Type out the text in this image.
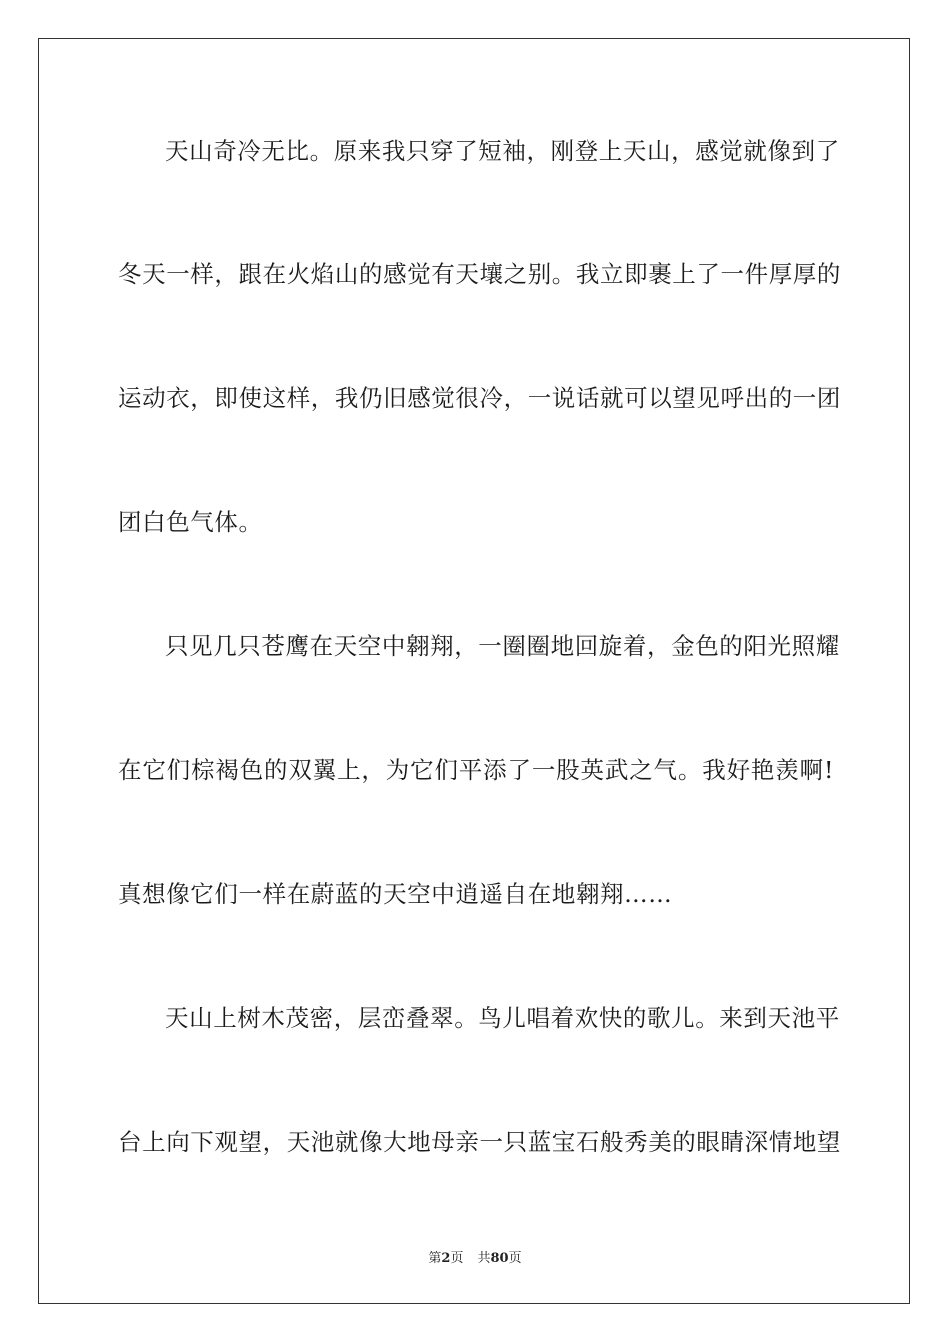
天山奇冷无比。原来我只穿了短袖，刚登上天山，感觉就像到了
冬天一样，跟在火焰山的感觉有天壤之别。我立即裹上了一件厚厚的
运动衣，即使这样，我仍旧感觉很冷，一说话就可以望见呼出的一团
团白色气体。
只见几只苍鹰在天空中翱翔，一圈圈地回旋着，金色的阳光照耀
在它们棕褐色的双翼上，为它们平添了一股英武之气。我好艳羡啊!
真想像它们一样在蔚蓝的天空中逍遥自在地翱翔……
天山上树木茂密，层峦叠翠。鸟儿唱着欢快的歌儿。来到天池平
台上向下观望，天池就像大地母亲一只蓝宝石般秀美的眼睛深情地望
第2页 共80页
